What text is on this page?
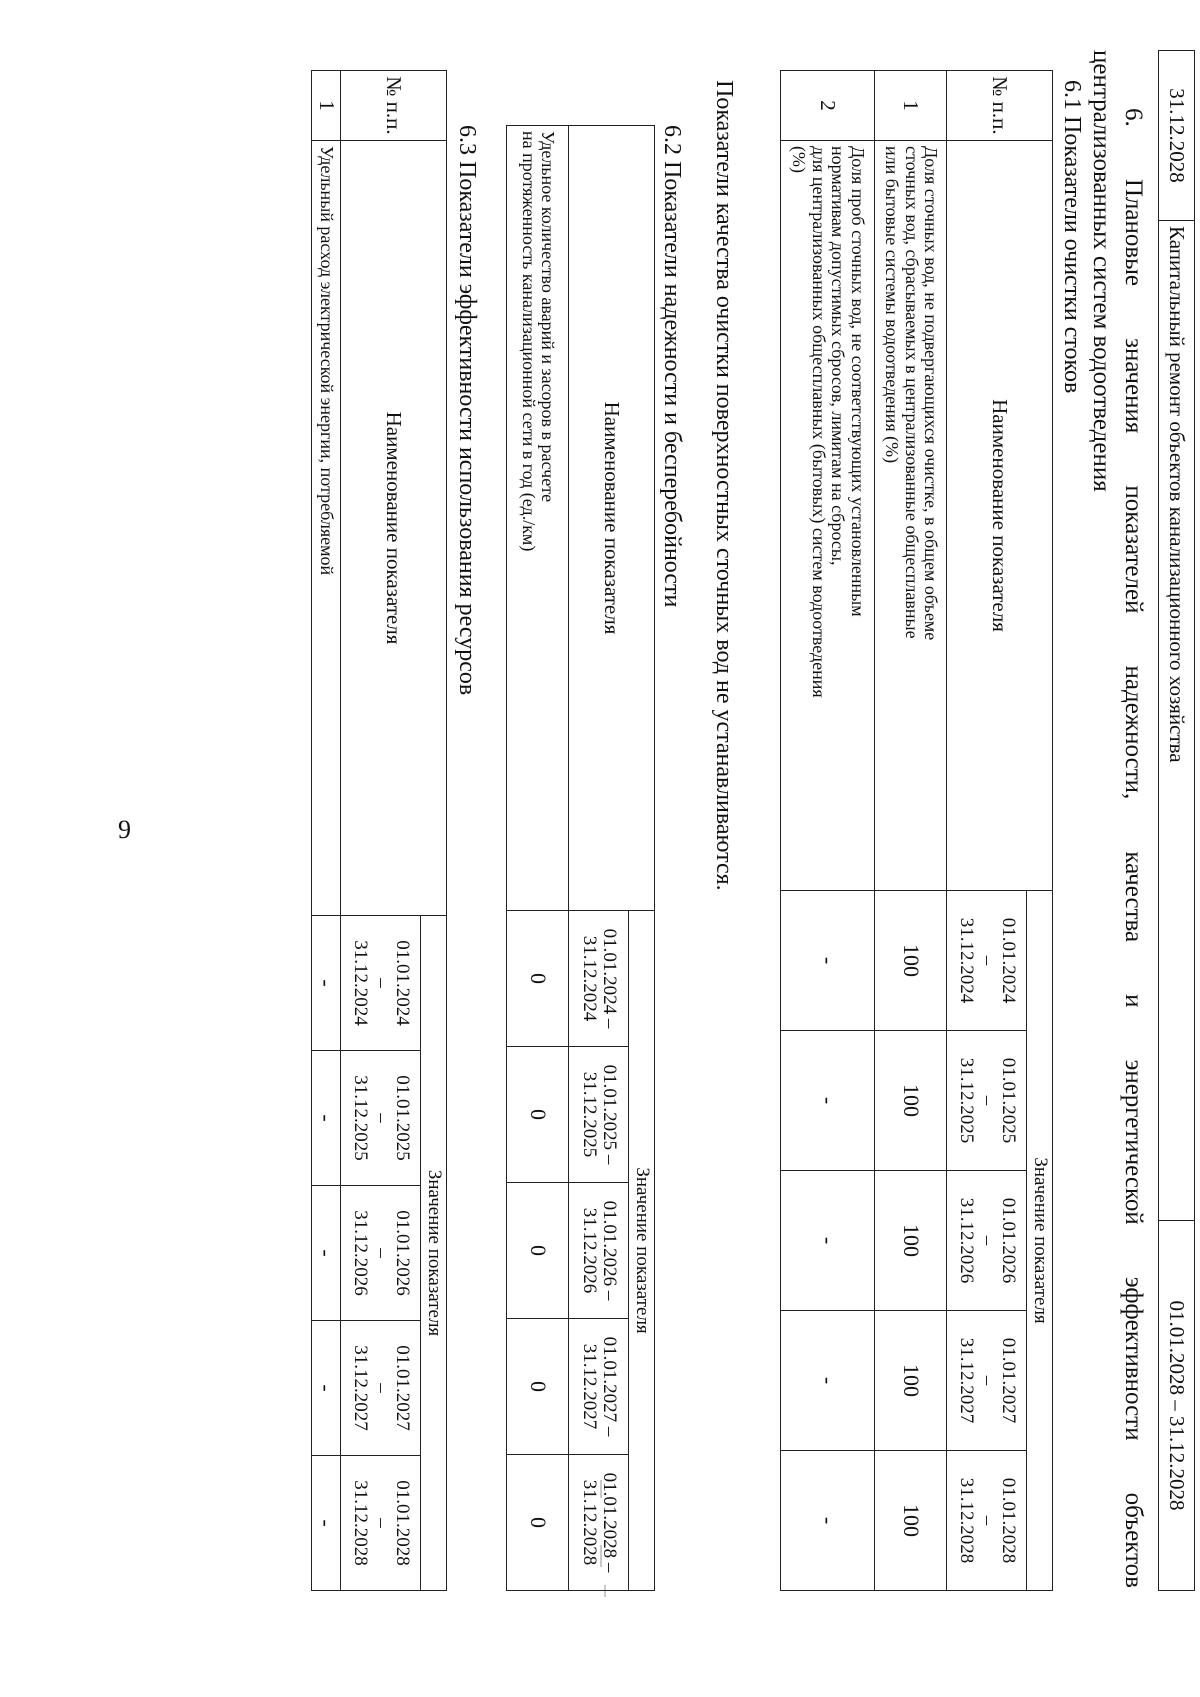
9
31.12.2028	Капитальный ремонт объектов канализационного хозяйства	01.01.2028 – 31.12.2028
6. Плановые значения показателей надежности, качества и энергетической эффективности объектов
централизованных систем водоотведения
6.1 Показатели очистки стоков
№ п.п.	Наименование показателя	Значение показателя				

		01.01.2024
–
31.12.2024	01.01.2025
–
31.12.2025	01.01.2026
–
31.12.2026	01.01.2027
–
31.12.2027	01.01.2028
–
31.12.2028

1	Доля сточных вод, не подвергающихся очистке, в общем объеме
сточных вод, сбрасываемых в централизованные общесплавные
или бытовые системы водоотведения (%)	100	100	100	100	100
2	Доля проб сточных вод, не соответствующих установленным
нормативам допустимых сбросов, лимитам на сбросы,
для централизованных общесплавных (бытовых) систем водоотведения
(%)	-	-	-	-	-
Показатели качества очистки поверхностных сточных вод не устанавливаются.
6.2 Показатели надежности и бесперебойности
Наименование показателя	Значение показателя				

	01.01.2024 –
31.12.2024	01.01.2025 –
31.12.2025	01.01.2026 –
31.12.2026	01.01.2027 –
31.12.2027	01.01.2028 –
31.12.2028

Удельное количество аварий и засоров в расчете
на протяженность канализационной сети в год (ед./км)	0	0	0	0	0
6.3 Показатели эффективности использования ресурсов
№ п.п.	Наименование показателя	Значение показателя				

		01.01.2024
–
31.12.2024	01.01.2025
–
31.12.2025	01.01.2026
–
31.12.2026	01.01.2027
–
31.12.2027	01.01.2028
–
31.12.2028

1	Удельный расход электрической энергии, потребляемой	-	-	-	-	-
